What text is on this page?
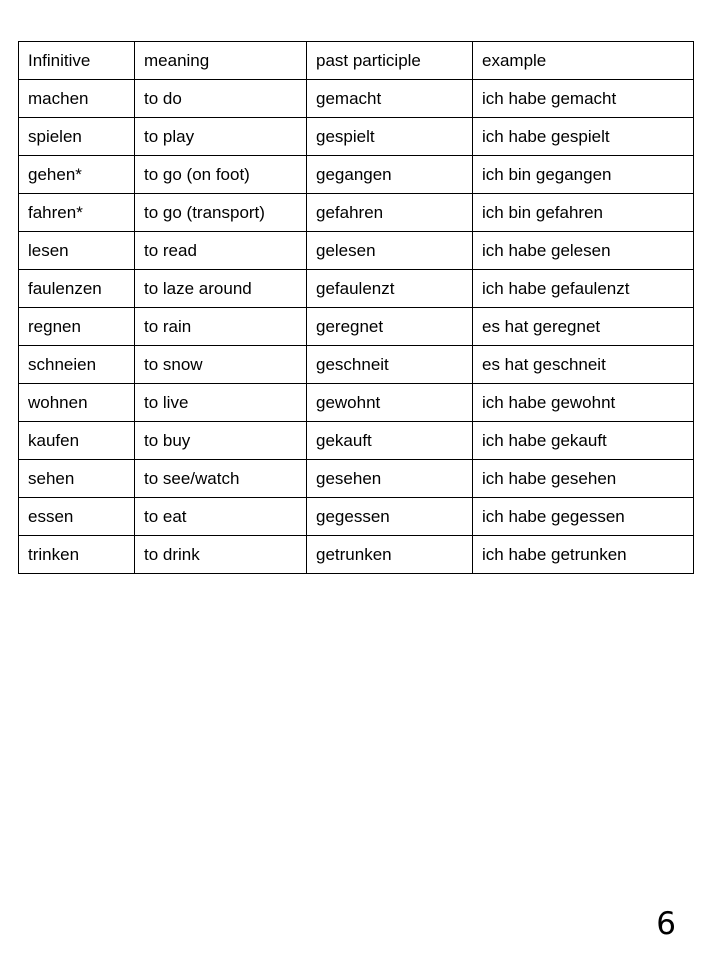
Infinitive	meaning	past participle	example
machen	to do	gemacht	ich habe gemacht
spielen	to play	gespielt	ich habe gespielt
gehen*	to go (on foot)	gegangen	ich bin gegangen
fahren*	to go (transport)	gefahren	ich bin gefahren
lesen	to read	gelesen	ich habe gelesen
faulenzen	to laze around	gefaulenzt	ich habe gefaulenzt
regnen	to rain	geregnet	es hat geregnet
schneien	to snow	geschneit	es hat geschneit
wohnen	to live	gewohnt	ich habe gewohnt
kaufen	to buy	gekauft	ich habe gekauft
sehen	to see/watch	gesehen	ich habe gesehen
essen	to eat	gegessen	ich habe gegessen
trinken	to drink	getrunken	ich habe getrunken
6
